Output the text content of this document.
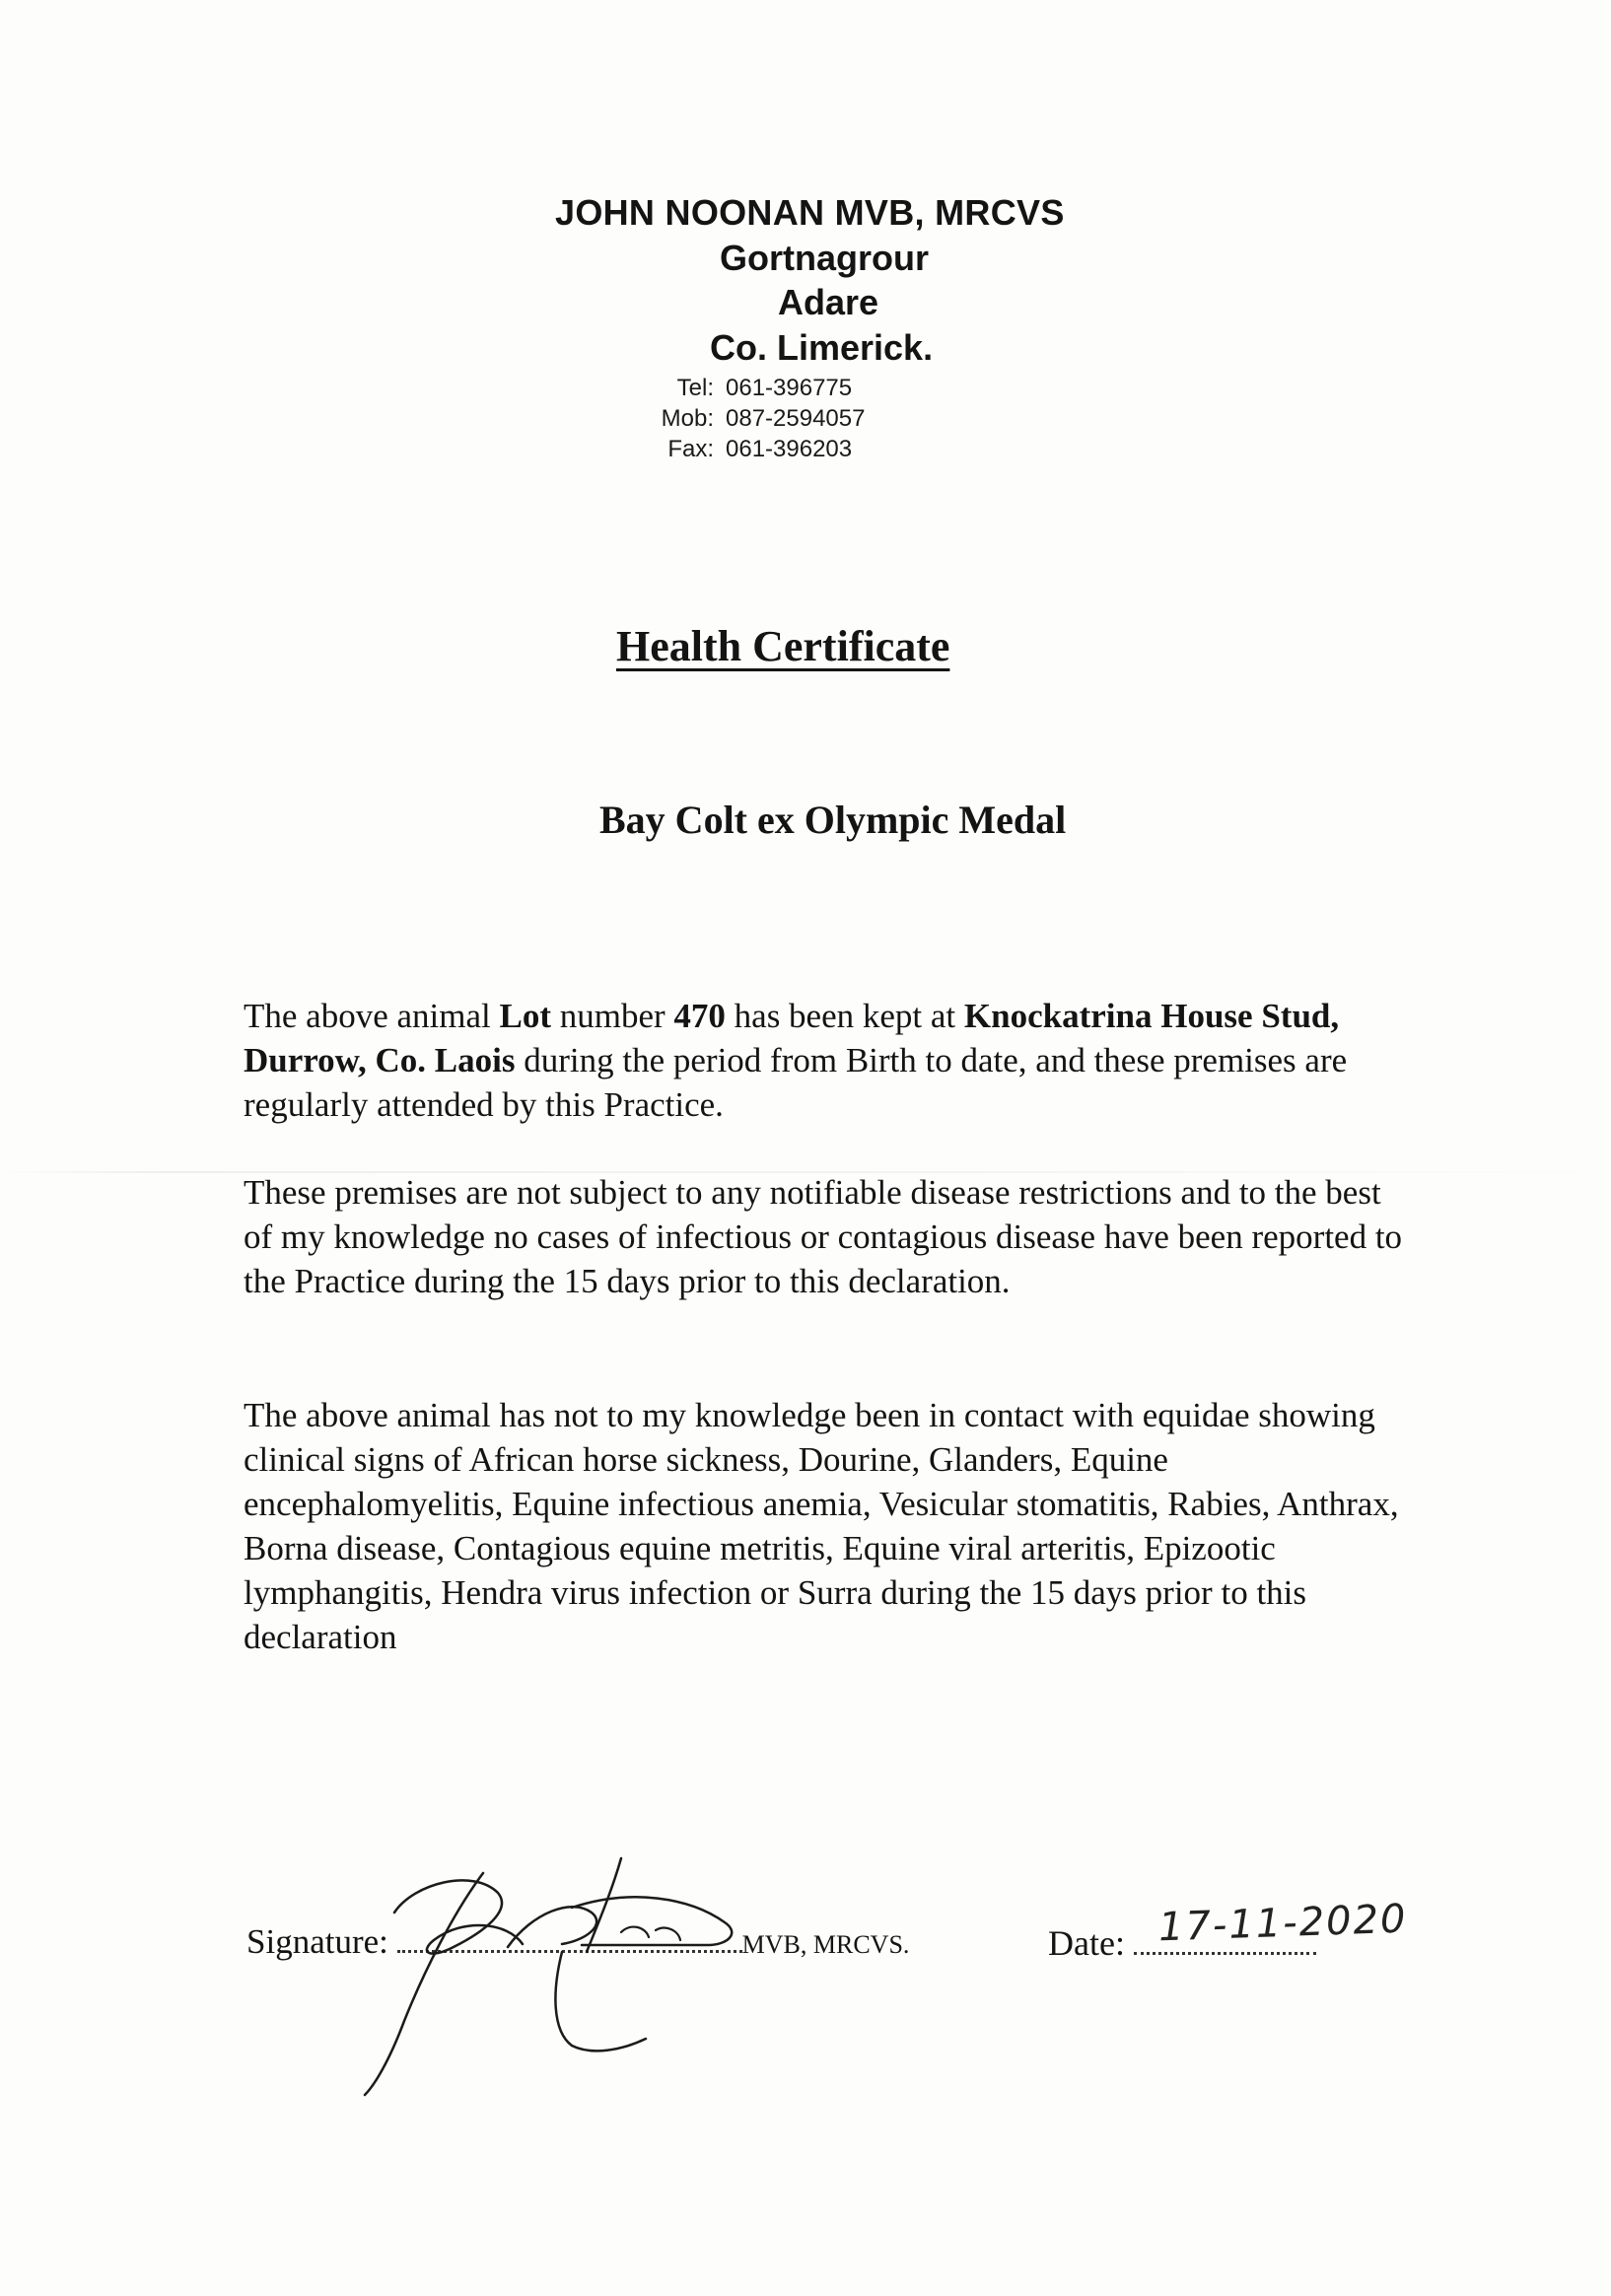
JOHN NOONAN MVB, MRCVS
Gortnagrour
Adare
Co. Limerick.
Tel: 061-396775
Mob: 087-2594057
Fax: 061-396203
Health Certificate
Bay Colt ex Olympic Medal
The above animal Lot number 470 has been kept at Knockatrina House Stud, Durrow, Co. Laois during the period from Birth to date, and these premises are regularly attended by this Practice.
These premises are not subject to any notifiable disease restrictions and to the best of my knowledge no cases of infectious or contagious disease have been reported to the Practice during the 15 days prior to this declaration.
The above animal has not to my knowledge been in contact with equidae showing clinical signs of African horse sickness, Dourine, Glanders, Equine encephalomyelitis, Equine infectious anemia, Vesicular stomatitis, Rabies, Anthrax, Borna disease, Contagious equine metritis, Equine viral arteritis, Epizootic lymphangitis, Hendra virus infection or Surra during the 15 days prior to this declaration
Signature:	MVB, MRCVS.	Date: 17-11-2020
